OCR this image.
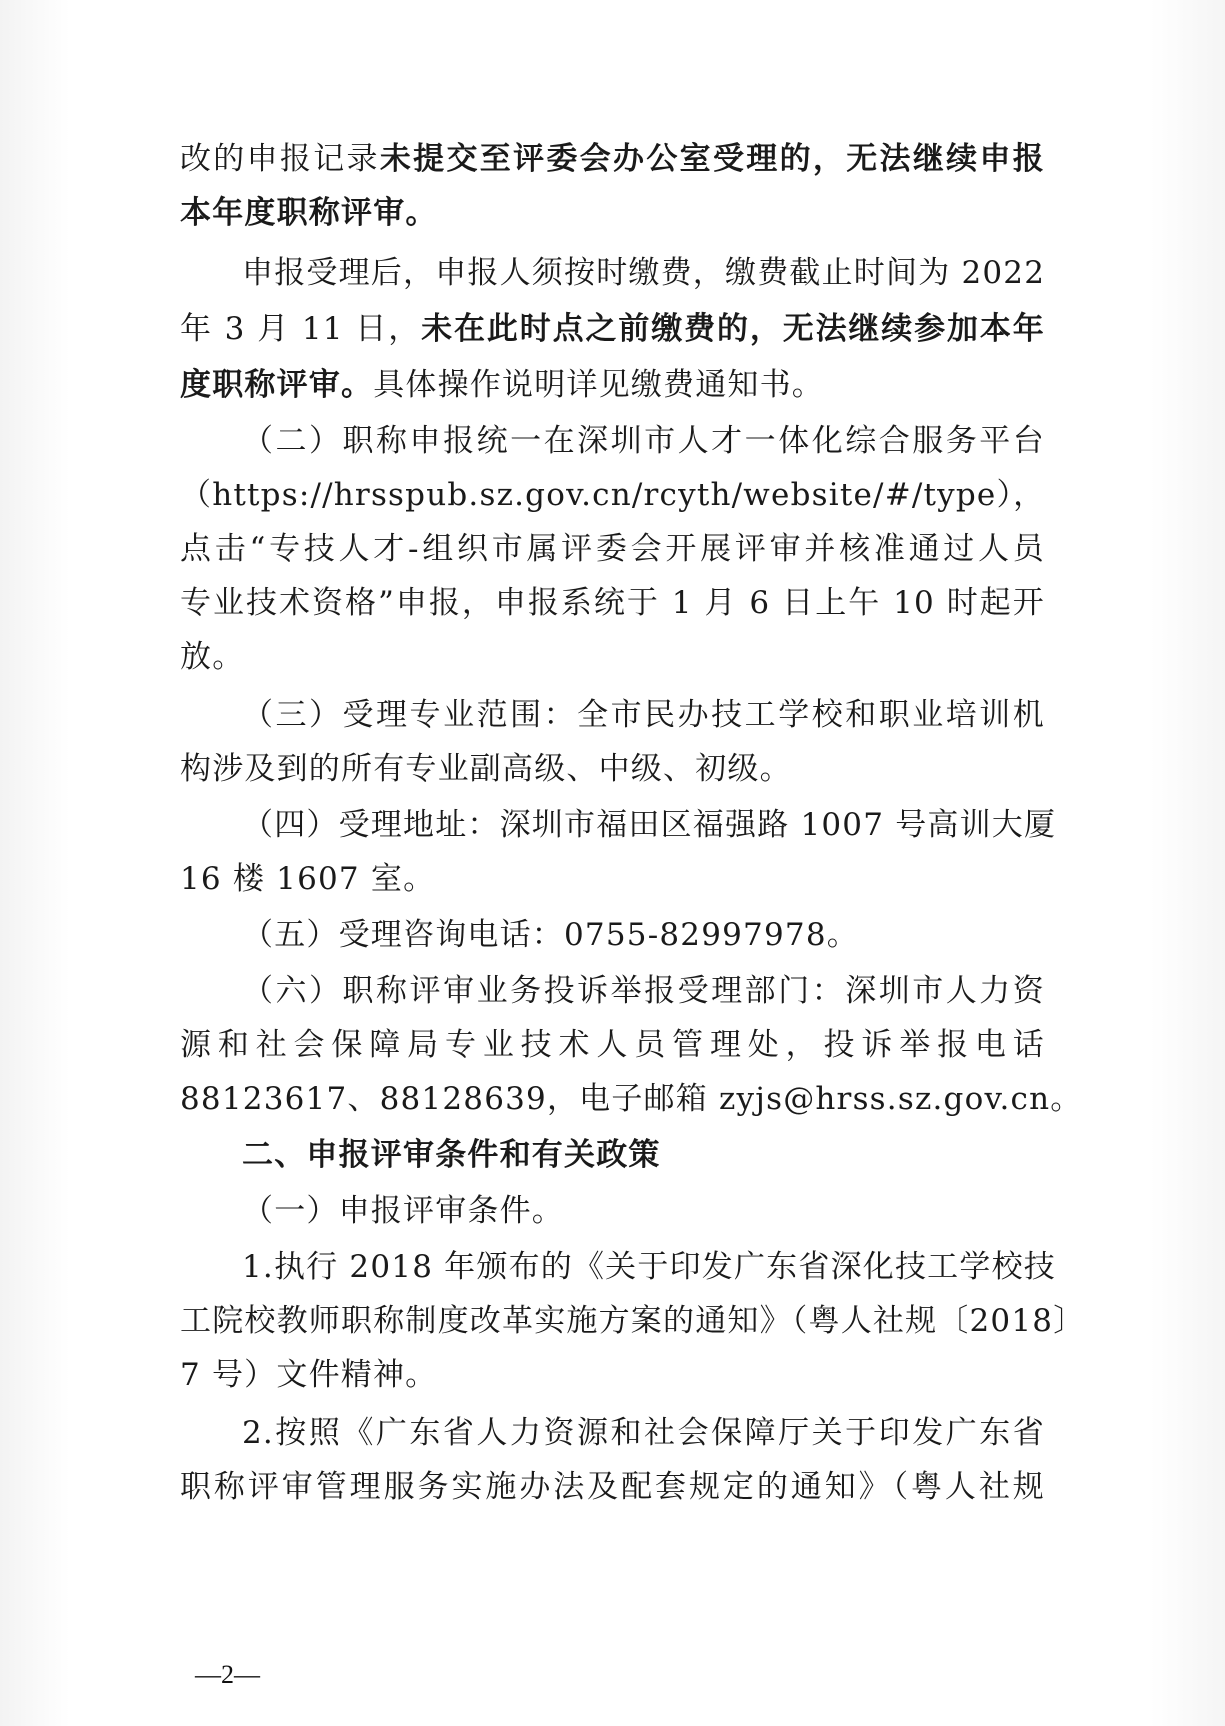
改的申报记录未提交至评委会办公室受理的，无法继续申报
本年度职称评审。
申报受理后，申报人须按时缴费，缴费截止时间为 2022
年 3 月 11 日，未在此时点之前缴费的，无法继续参加本年
度职称评审。具体操作说明详见缴费通知书。
（二）职称申报统一在深圳市人才一体化综合服务平台
（https://hrsspub.sz.gov.cn/rcyth/website/#/type），
点击“专技人才-组织市属评委会开展评审并核准通过人员
专业技术资格”申报，申报系统于 1 月 6 日上午 10 时起开
放。
（三）受理专业范围：全市民办技工学校和职业培训机
构涉及到的所有专业副高级、中级、初级。
（四）受理地址：深圳市福田区福强路 1007 号高训大厦
16 楼 1607 室。
（五）受理咨询电话：0755-82997978。
（六）职称评审业务投诉举报受理部门：深圳市人力资
源和社会保障局专业技术人员管理处，投诉举报电话
88123617、88128639，电子邮箱 zyjs@hrss.sz.gov.cn。
二、申报评审条件和有关政策
（一）申报评审条件。
1.执行 2018 年颁布的《关于印发广东省深化技工学校技
工院校教师职称制度改革实施方案的通知》（粤人社规〔2018〕
7 号）文件精神。
2.按照《广东省人力资源和社会保障厅关于印发广东省
职称评审管理服务实施办法及配套规定的通知》（粤人社规
—2—
